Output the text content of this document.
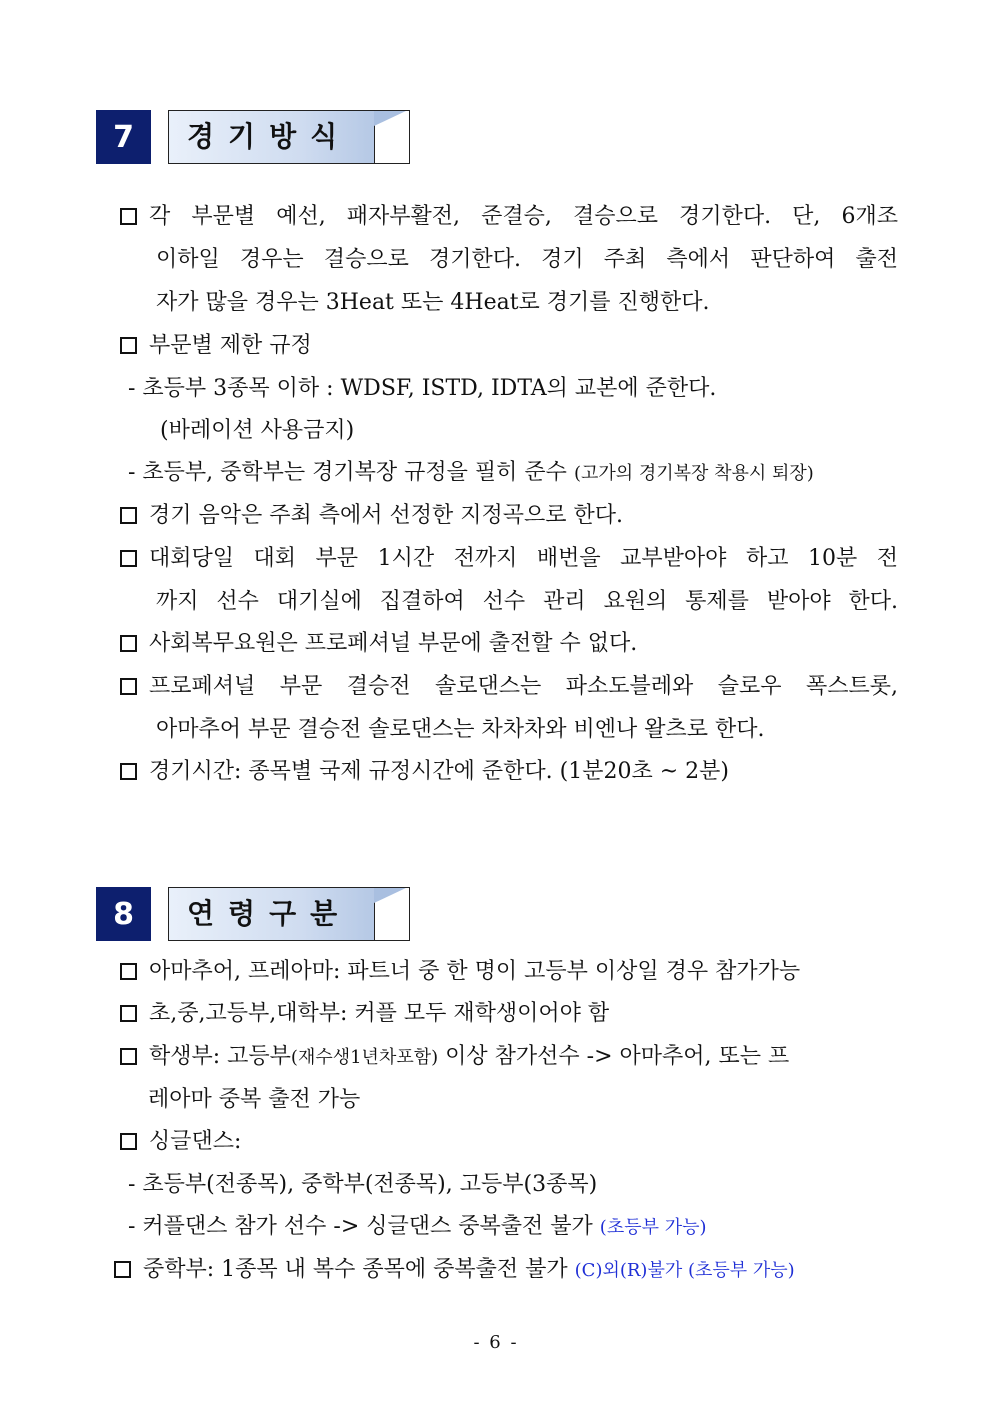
7	경기방식
각 부문별 예선, 패자부활전, 준결승, 결승으로 경기한다. 단, 6개조
이하일 경우는 결승으로 경기한다. 경기 주최 측에서 판단하여 출전
자가 많을 경우는 3Heat 또는 4Heat로 경기를 진행한다.
부문별 제한 규정
- 초등부 3종목 이하 : WDSF, ISTD, IDTA의 교본에 준한다.
(바레이션 사용금지)
- 초등부, 중학부는 경기복장 규정을 필히 준수 (고가의 경기복장 착용시 퇴장)
경기 음악은 주최 측에서 선정한 지정곡으로 한다.
대회당일 대회 부문 1시간 전까지 배번을 교부받아야 하고 10분 전
까지 선수 대기실에 집결하여 선수 관리 요원의 통제를 받아야 한다.
사회복무요원은 프로페셔널 부문에 출전할 수 없다.
프로페셔널 부문 결승전 솔로댄스는 파소도블레와 슬로우 폭스트롯,
아마추어 부문 결승전 솔로댄스는 차차차와 비엔나 왈츠로 한다.
경기시간: 종목별 국제 규정시간에 준한다. (1분20초 ~ 2분)
8	연령구분
아마추어, 프레아마: 파트너 중 한 명이 고등부 이상일 경우 참가가능
초,중,고등부,대학부: 커플 모두 재학생이어야 함
학생부: 고등부(재수생1년차포함) 이상 참가선수 -> 아마추어, 또는 프
레아마 중복 출전 가능
싱글댄스:
- 초등부(전종목), 중학부(전종목), 고등부(3종목)
- 커플댄스 참가 선수 -> 싱글댄스 중복출전 불가 (초등부 가능)
중학부: 1종목 내 복수 종목에 중복출전 불가 (C)외(R)불가 (초등부 가능)
- 6 -
